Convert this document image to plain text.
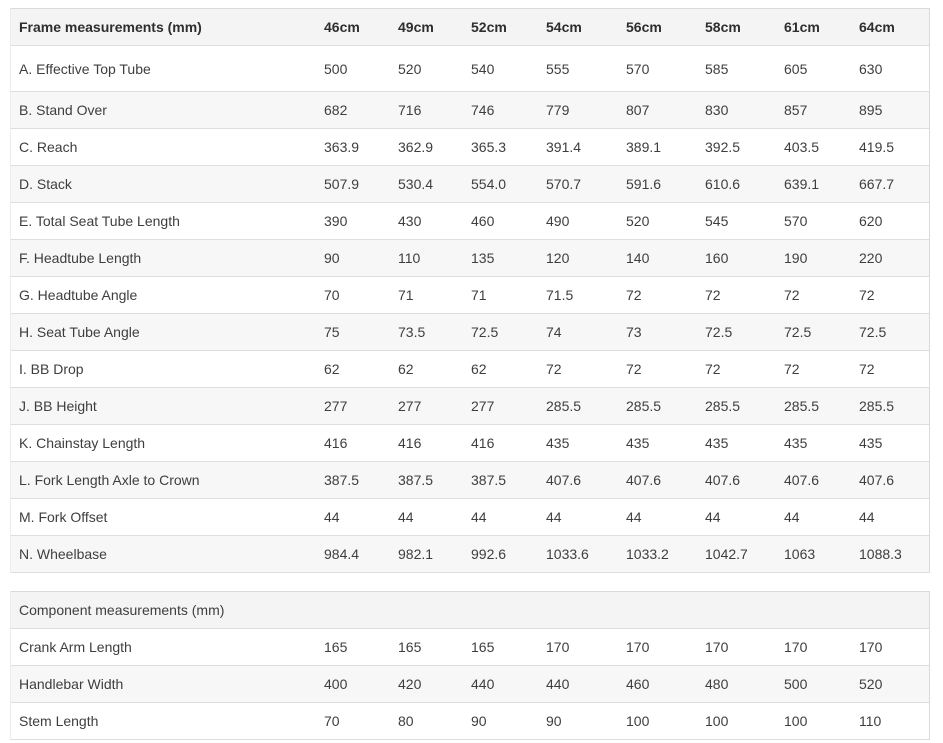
Frame measurements (mm)	46cm	49cm	52cm	54cm	56cm	58cm	61cm	64cm
A. Effective Top Tube	500	520	540	555	570	585	605	630
B. Stand Over	682	716	746	779	807	830	857	895
C. Reach	363.9	362.9	365.3	391.4	389.1	392.5	403.5	419.5
D. Stack	507.9	530.4	554.0	570.7	591.6	610.6	639.1	667.7
E. Total Seat Tube Length	390	430	460	490	520	545	570	620
F. Headtube Length	90	110	135	120	140	160	190	220
G. Headtube Angle	70	71	71	71.5	72	72	72	72
H. Seat Tube Angle	75	73.5	72.5	74	73	72.5	72.5	72.5
I. BB Drop	62	62	62	72	72	72	72	72
J. BB Height	277	277	277	285.5	285.5	285.5	285.5	285.5
K. Chainstay Length	416	416	416	435	435	435	435	435
L. Fork Length Axle to Crown	387.5	387.5	387.5	407.6	407.6	407.6	407.6	407.6
M. Fork Offset	44	44	44	44	44	44	44	44
N. Wheelbase	984.4	982.1	992.6	1033.6	1033.2	1042.7	1063	1088.3
Component measurements (mm)
Crank Arm Length	165	165	165	170	170	170	170	170
Handlebar Width	400	420	440	440	460	480	500	520
Stem Length	70	80	90	90	100	100	100	110
